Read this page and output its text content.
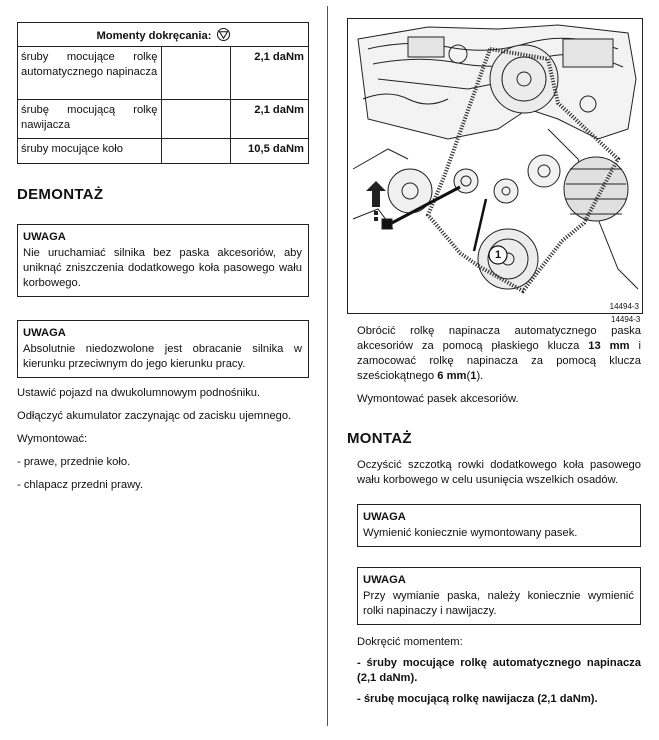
Momenty dokręcania:		
śruby mocujące rolkę automatycznego napinacza		2,1 daNm
śrubę mocującą rolkę nawijacza		2,1 daNm
śruby mocujące koło		10,5 daNm
DEMONTAŻ
UWAGA
Nie uruchamiać silnika bez paska akcesoriów, aby uniknąć zniszczenia dodatkowego koła pasowego wału korbowego.
UWAGA
Absolutnie niedozwolone jest obracanie silnika w kierunku przeciwnym do jego kierunku pracy.

Ustawić pojazd na dwukolumnowym podnośniku.

Odłączyć akumulator zaczynając od zacisku ujemnego.

Wymontować:

- prawe, przednie koło.

- chlapacz przedni prawy.

1
14494-3
14494-3

Obrócić rolkę napinacza automatycznego paska akcesoriów za pomocą płaskiego klucza 13 mm i zamocować rolkę napinacza za pomocą klucza sześciokątnego 6 mm(1).

Wymontować pasek akcesoriów.

MONTAŻ

Oczyścić szczotką rowki dodatkowego koła pasowego wału korbowego w celu usunięcia wszelkich osadów.

UWAGA
Wymienić koniecznie wymontowany pasek.
UWAGA
Przy wymianie paska, należy koniecznie wymienić rolki napinaczy i nawijaczy.

Dokręcić momentem:

- śruby mocujące rolkę automatycznego napinacza (2,1 daNm).

- śrubę mocującą rolkę nawijacza (2,1 daNm).
